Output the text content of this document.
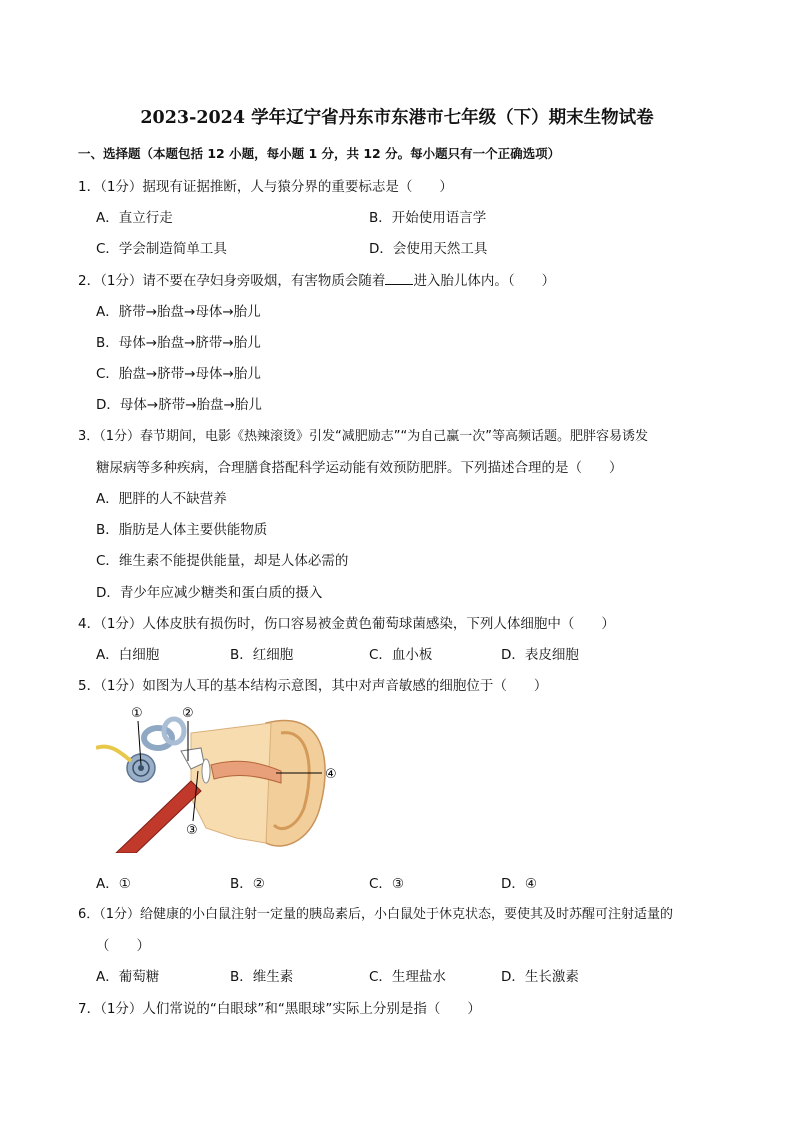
2023-2024 学年辽宁省丹东市东港市七年级（下）期末生物试卷
一、选择题（本题包括 12 小题，每小题 1 分，共 12 分。每小题只有一个正确选项）
1．（1分）据现有证据推断，人与猿分界的重要标志是（　　）
A．直立行走	B．开始使用语言学
C．学会制造简单工具	D．会使用天然工具
2．（1分）请不要在孕妇身旁吸烟，有害物质会随着 进入胎儿体内。（　　）
A．脐带→胎盘→母体→胎儿
B．母体→胎盘→脐带→胎儿
C．胎盘→脐带→母体→胎儿
D．母体→脐带→胎盘→胎儿
3．（1分）春节期间，电影《热辣滚烫》引发“减肥励志”“为自己赢一次”等高频话题。肥胖容易诱发
糖尿病等多种疾病，合理膳食搭配科学运动能有效预防肥胖。下列描述合理的是（　　）
A．肥胖的人不缺营养
B．脂肪是人体主要供能物质
C．维生素不能提供能量，却是人体必需的
D．青少年应减少糖类和蛋白质的摄入
4．（1分）人体皮肤有损伤时，伤口容易被金黄色葡萄球菌感染，下列人体细胞中（　　）
A．白细胞	B．红细胞	C．血小板	D．表皮细胞
5．（1分）如图为人耳的基本结构示意图，其中对声音敏感的细胞位于（　　）
①	②
③
④
A．①	B．②	C．③	D．④
6．（1分）给健康的小白鼠注射一定量的胰岛素后，小白鼠处于休克状态，要使其及时苏醒可注射适量的
（　　）
A．葡萄糖	B．维生素	C．生理盐水	D．生长激素
7．（1分）人们常说的“白眼球”和“黑眼球”实际上分别是指（　　）
